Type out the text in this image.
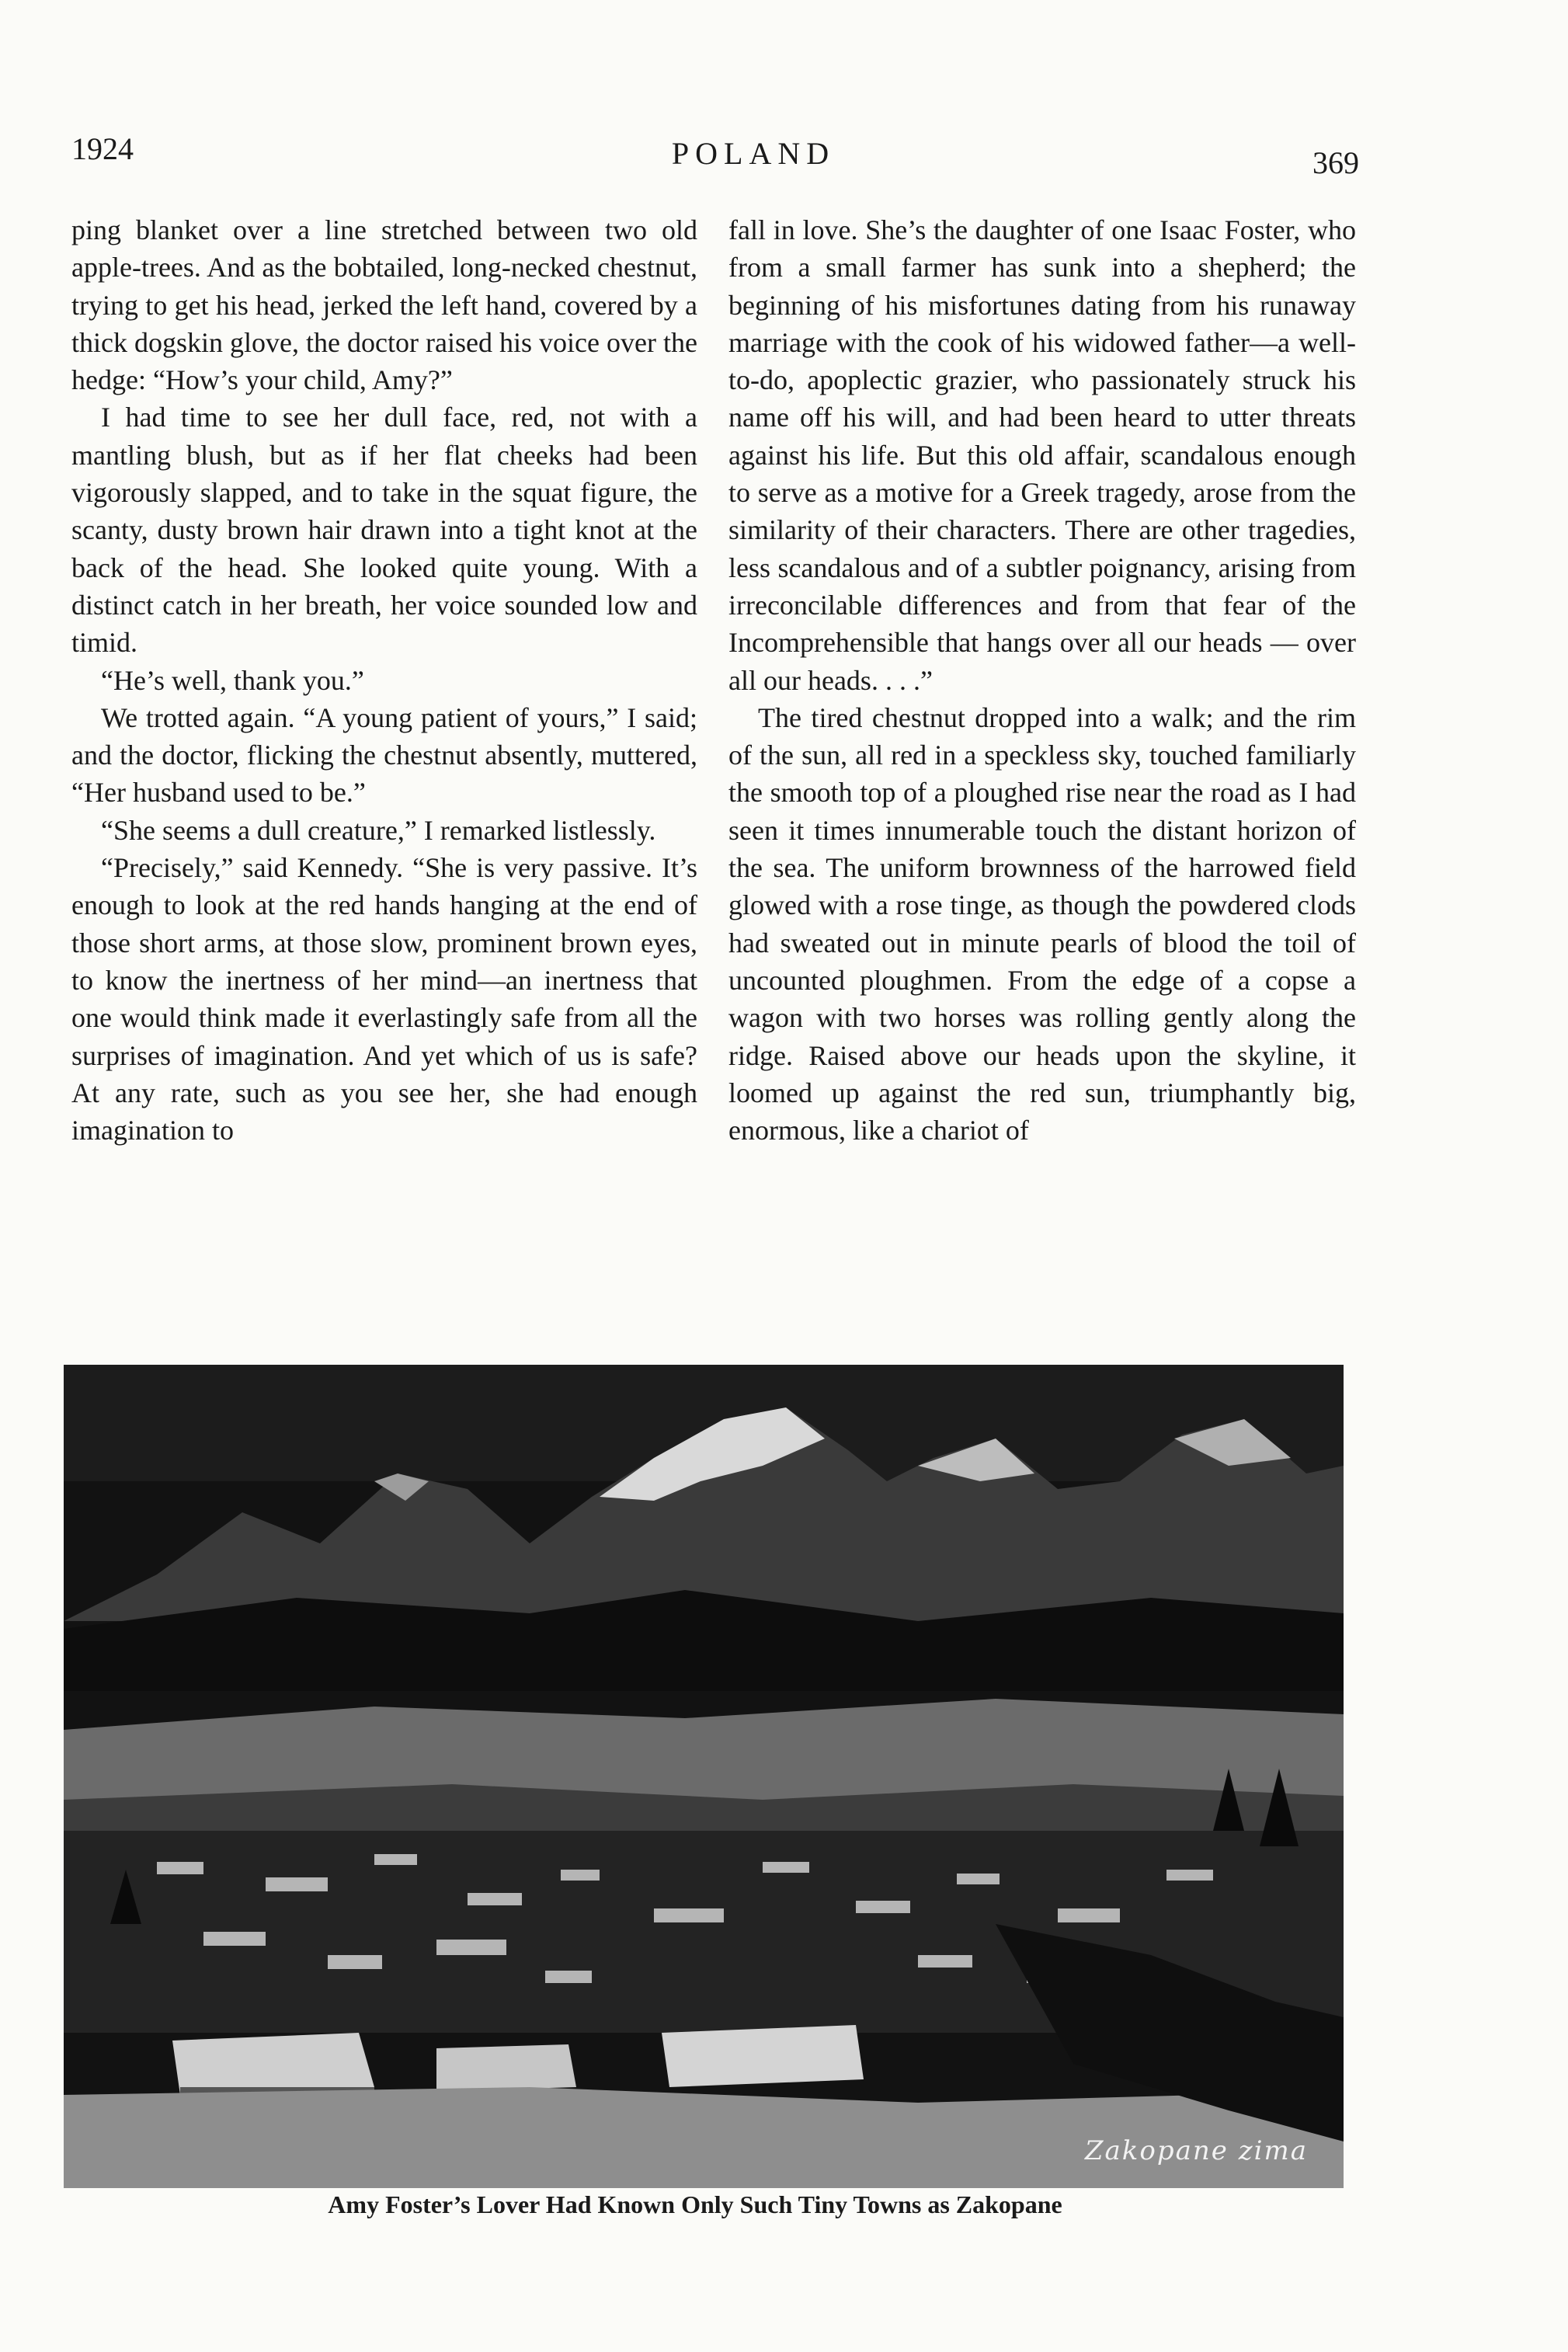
1924	POLAND	369

ping blanket over a line stretched between two old apple-trees. And as the bobtailed, long-necked chestnut, trying to get his head, jerked the left hand, covered by a thick dogskin glove, the doctor raised his voice over the hedge: “How’s your child, Amy?”

I had time to see her dull face, red, not with a mantling blush, but as if her flat cheeks had been vigorously slapped, and to take in the squat figure, the scanty, dusty brown hair drawn into a tight knot at the back of the head. She looked quite young. With a distinct catch in her breath, her voice sounded low and timid.

“He’s well, thank you.”

We trotted again. “A young patient of yours,” I said; and the doctor, flicking the chestnut absently, muttered, “Her husband used to be.”

“She seems a dull creature,” I remarked listlessly.

“Precisely,” said Kennedy. “She is very passive. It’s enough to look at the red hands hanging at the end of those short arms, at those slow, prominent brown eyes, to know the inertness of her mind—an inertness that one would think made it everlastingly safe from all the surprises of imagination. And yet which of us is safe? At any rate, such as you see her, she had enough imagination to

fall in love. She’s the daughter of one Isaac Foster, who from a small farmer has sunk into a shepherd; the beginning of his misfortunes dating from his runaway marriage with the cook of his widowed father—a well-to-do, apoplectic grazier, who passionately struck his name off his will, and had been heard to utter threats against his life. But this old affair, scandalous enough to serve as a motive for a Greek tragedy, arose from the similarity of their characters. There are other tragedies, less scandalous and of a subtler poignancy, arising from irreconcilable differences and from that fear of the Incomprehensible that hangs over all our heads — over all our heads. . . .”

The tired chestnut dropped into a walk; and the rim of the sun, all red in a speckless sky, touched familiarly the smooth top of a ploughed rise near the road as I had seen it times innumerable touch the distant horizon of the sea. The uniform brownness of the harrowed field glowed with a rose tinge, as though the powdered clods had sweated out in minute pearls of blood the toil of uncounted ploughmen. From the edge of a copse a wagon with two horses was rolling gently along the ridge. Raised above our heads upon the skyline, it loomed up against the red sun, triumphantly big, enormous, like a chariot of

Zakopane zima
Amy Foster’s Lover Had Known Only Such Tiny Towns as Zakopane
